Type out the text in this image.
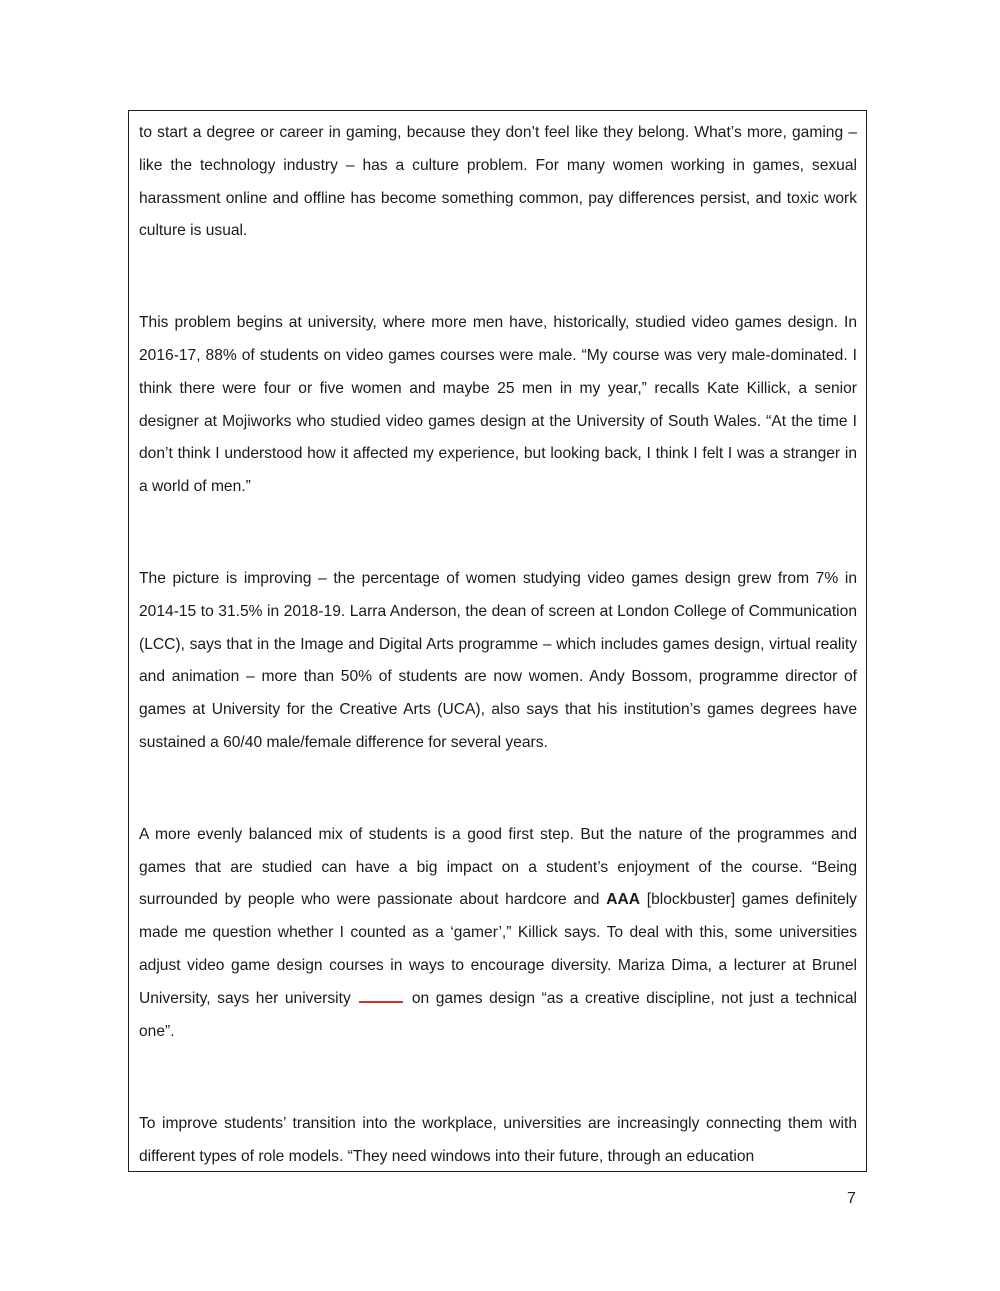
to start a degree or career in gaming, because they don’t feel like they belong. What’s more, gaming – like the technology industry – has a culture problem. For many women working in games, sexual harassment online and offline has become something common, pay differences persist, and toxic work culture is usual.

This problem begins at university, where more men have, historically, studied video games design. In 2016-17, 88% of students on video games courses were male. “My course was very male-dominated. I think there were four or five women and maybe 25 men in my year,” recalls Kate Killick, a senior designer at Mojiworks who studied video games design at the University of South Wales. “At the time I don’t think I understood how it affected my experience, but looking back, I think I felt I was a stranger in a world of men.”

The picture is improving – the percentage of women studying video games design grew from 7% in 2014-15 to 31.5% in 2018-19. Larra Anderson, the dean of screen at London College of Communication (LCC), says that in the Image and Digital Arts programme – which includes games design, virtual reality and animation – more than 50% of students are now women. Andy Bossom, programme director of games at University for the Creative Arts (UCA), also says that his institution’s games degrees have sustained a 60/40 male/female difference for several years.

A more evenly balanced mix of students is a good first step. But the nature of the programmes and games that are studied can have a big impact on a student’s enjoyment of the course. “Being surrounded by people who were passionate about hardcore and AAA [blockbuster] games definitely made me question whether I counted as a ‘gamer’,” Killick says. To deal with this, some universities adjust video game design courses in ways to encourage diversity. Mariza Dima, a lecturer at Brunel University, says her university	on games design “as a creative discipline, not just a technical one”.

To improve students’ transition into the workplace, universities are increasingly connecting them with different types of role models. “They need windows into their future, through an education

7
